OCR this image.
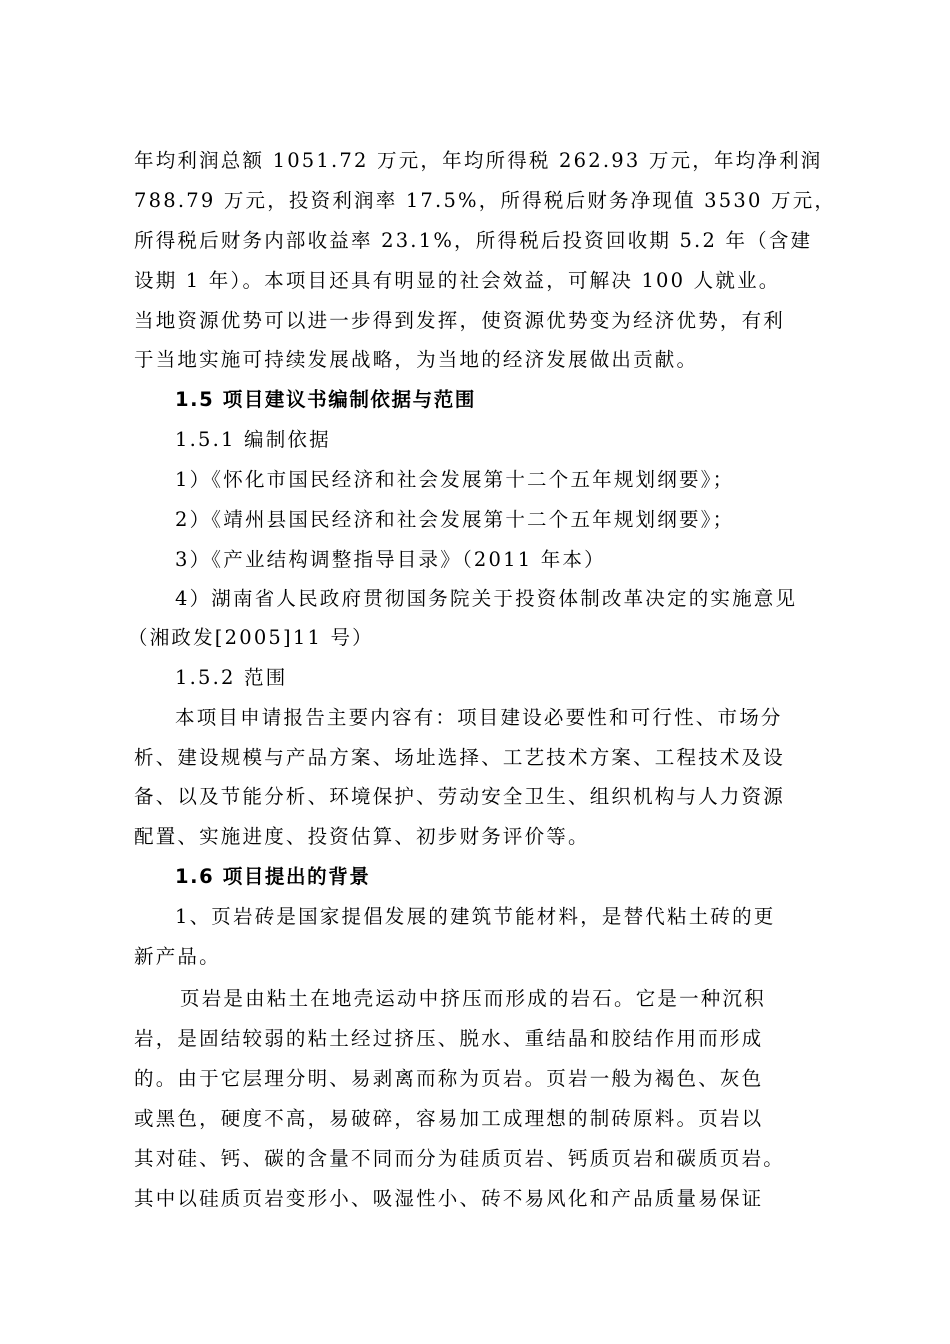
年均利润总额 1051.72 万元，年均所得税 262.93 万元，年均净利润
788.79 万元，投资利润率 17.5%，所得税后财务净现值 3530 万元，
所得税后财务内部收益率 23.1%，所得税后投资回收期 5.2 年（含建
设期 1 年）。本项目还具有明显的社会效益，可解决 100 人就业。
当地资源优势可以进一步得到发挥，使资源优势变为经济优势，有利
于当地实施可持续发展战略，为当地的经济发展做出贡献。
1.5 项目建议书编制依据与范围
1.5.1 编制依据
1）《怀化市国民经济和社会发展第十二个五年规划纲要》；
2）《靖州县国民经济和社会发展第十二个五年规划纲要》；
3）《产业结构调整指导目录》（2011 年本）
4）湖南省人民政府贯彻国务院关于投资体制改革决定的实施意见
（湘政发[2005]11 号）
1.5.2 范围
本项目申请报告主要内容有：项目建设必要性和可行性、市场分
析、建设规模与产品方案、场址选择、工艺技术方案、工程技术及设
备、以及节能分析、环境保护、劳动安全卫生、组织机构与人力资源
配置、实施进度、投资估算、初步财务评价等。
1.6 项目提出的背景
1、页岩砖是国家提倡发展的建筑节能材料，是替代粘土砖的更
新产品。
页岩是由粘土在地壳运动中挤压而形成的岩石。它是一种沉积
岩，是固结较弱的粘土经过挤压、脱水、重结晶和胶结作用而形成
的。由于它层理分明、易剥离而称为页岩。页岩一般为褐色、灰色
或黑色，硬度不高，易破碎，容易加工成理想的制砖原料。页岩以
其对硅、钙、碳的含量不同而分为硅质页岩、钙质页岩和碳质页岩。
其中以硅质页岩变形小、吸湿性小、砖不易风化和产品质量易保证
